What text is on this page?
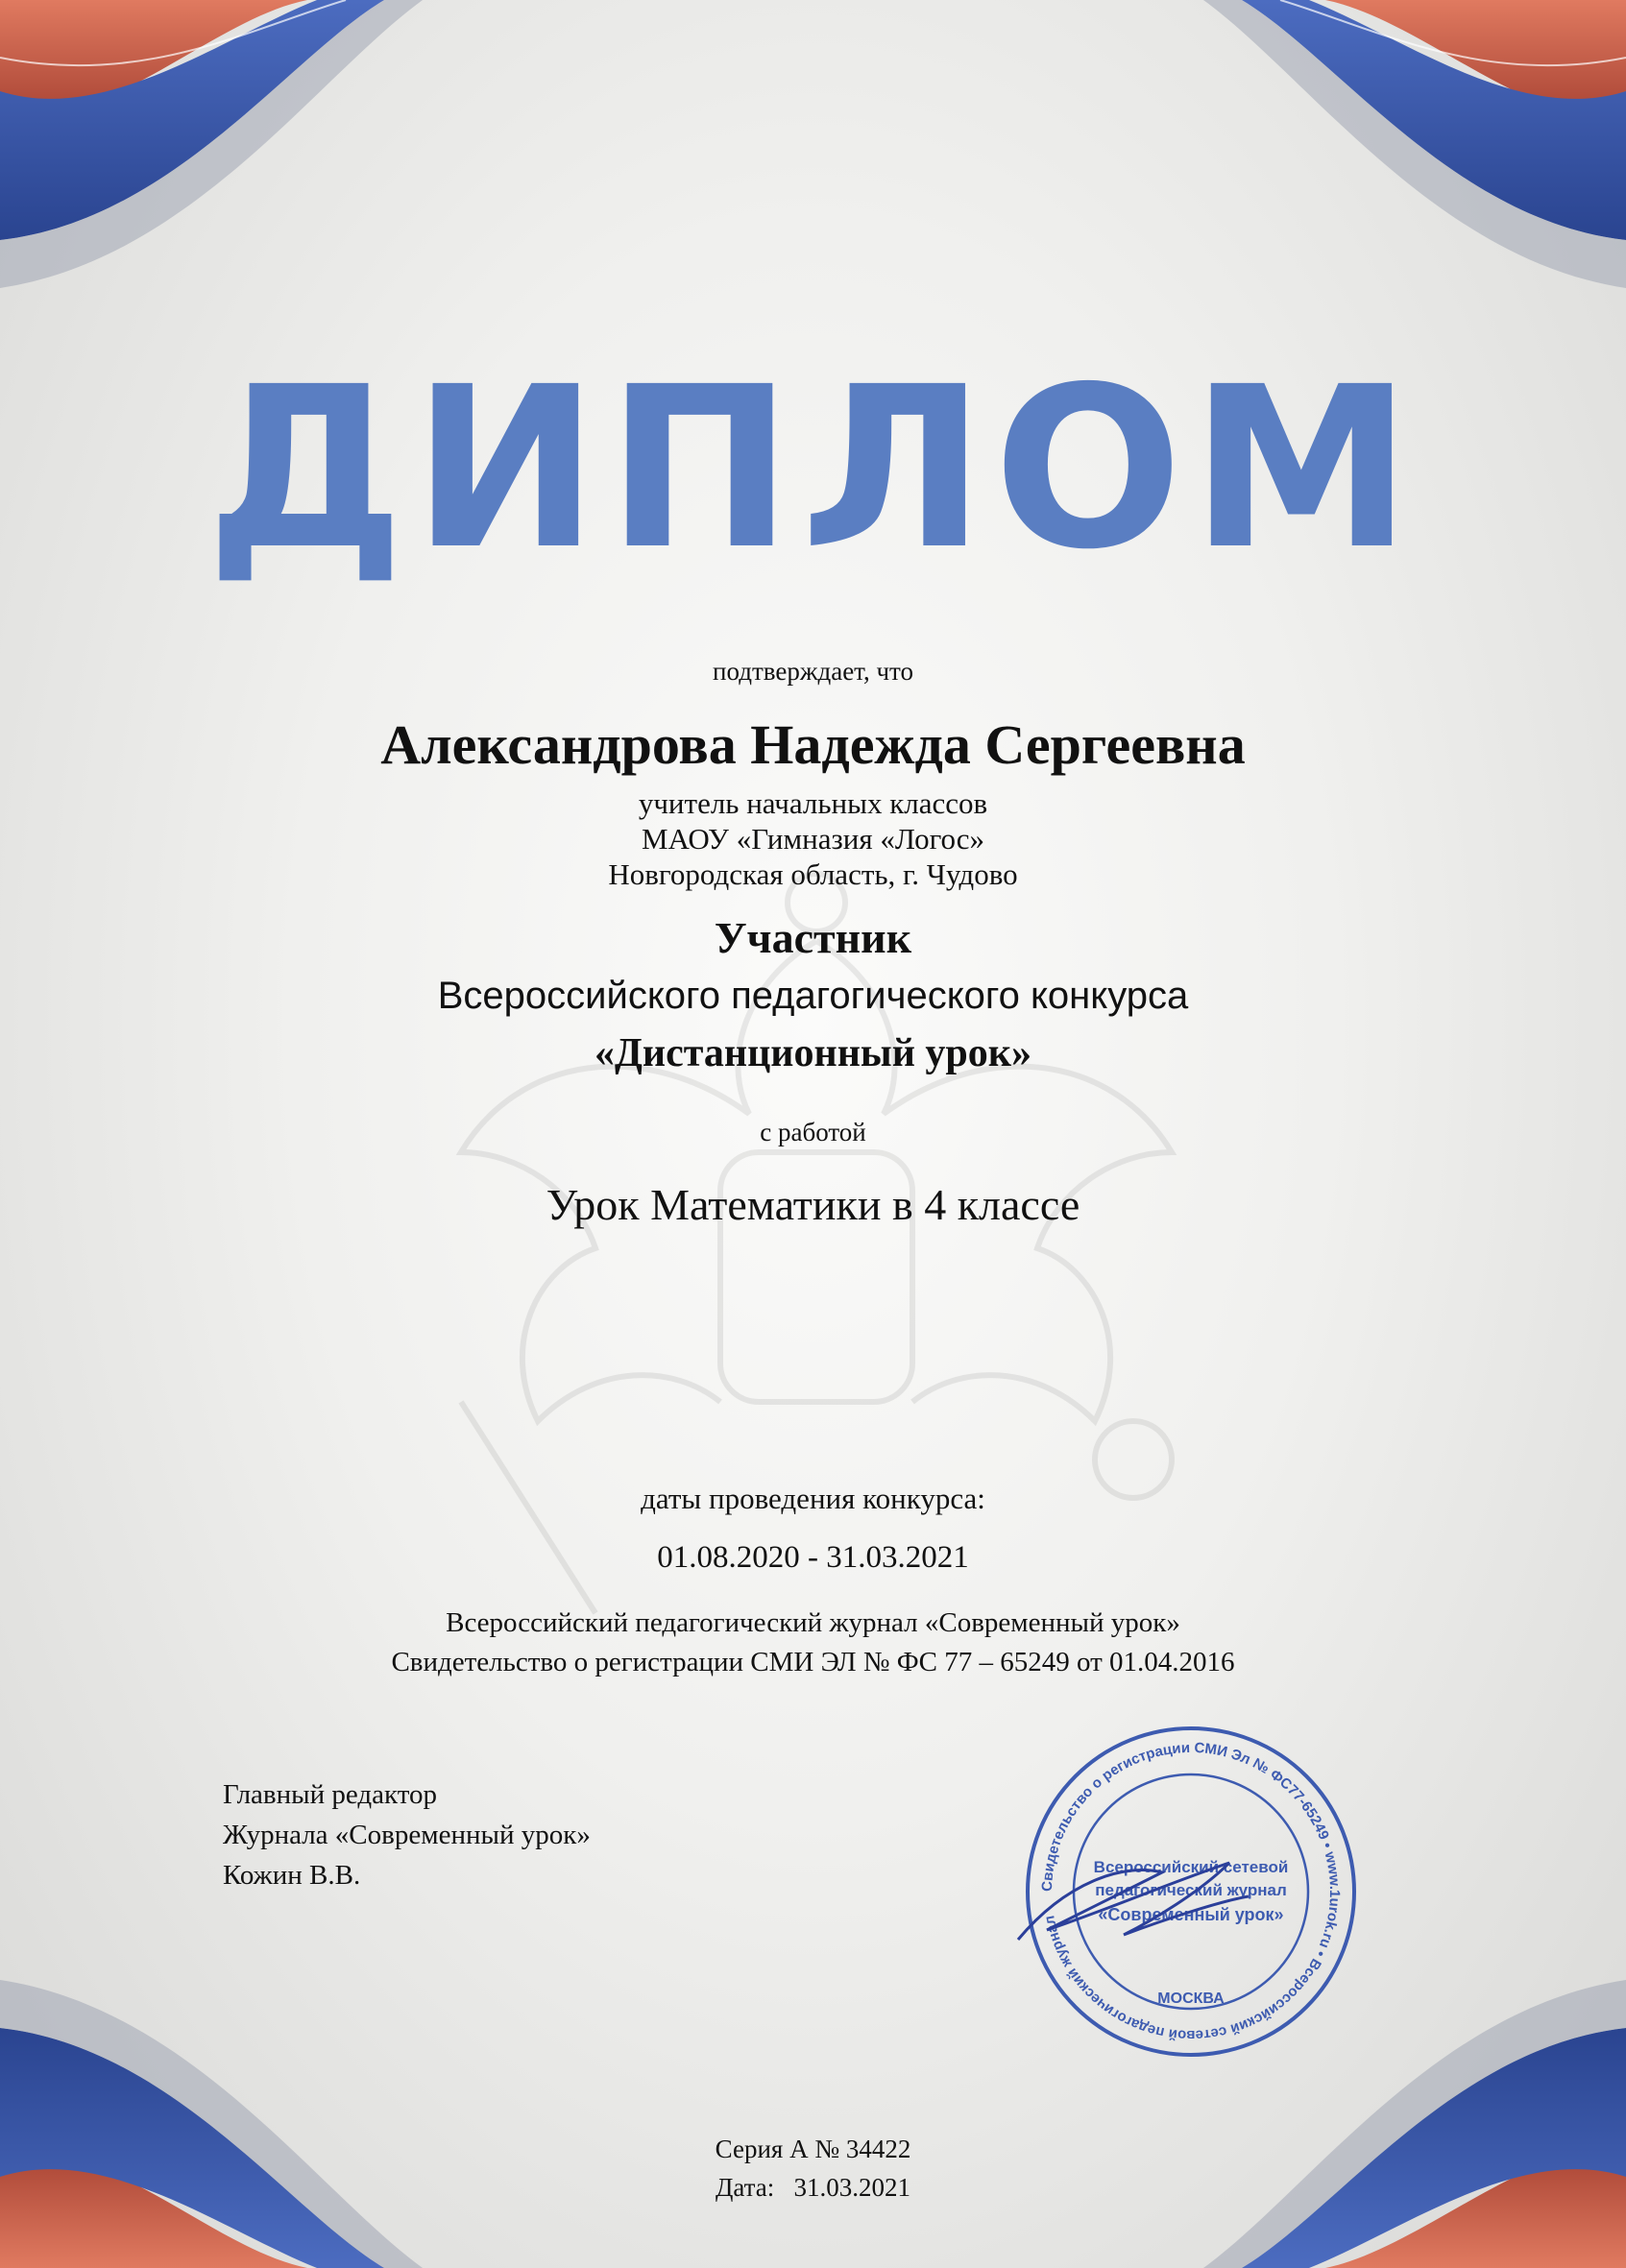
ДИПЛОМ
подтверждает, что
Александрова Надежда Сергеевна
учитель начальных классов
МАОУ «Гимназия «Логос»
Новгородская область, г. Чудово
Участник
Всероссийского педагогического конкурса
«Дистанционный урок»
с работой
Урок Математики в 4 классе
даты проведения конкурса:
01.08.2020 - 31.03.2021
Всероссийский педагогический журнал «Современный урок»
Свидетельство о регистрации СМИ ЭЛ № ФС 77 – 65249 от 01.04.2016
Главный редактор
Журнала «Современный урок»
Кожин В.В.	Свидетельство о регистрации СМИ Эл № ФС77-65249 • www.1urok.ru • Всероссийский сетевой педагогический журнал
Всероссийский сетевой
педагогический журнал
«Современный урок»
МОСКВА
Серия А № 34422
Дата:   31.03.2021
